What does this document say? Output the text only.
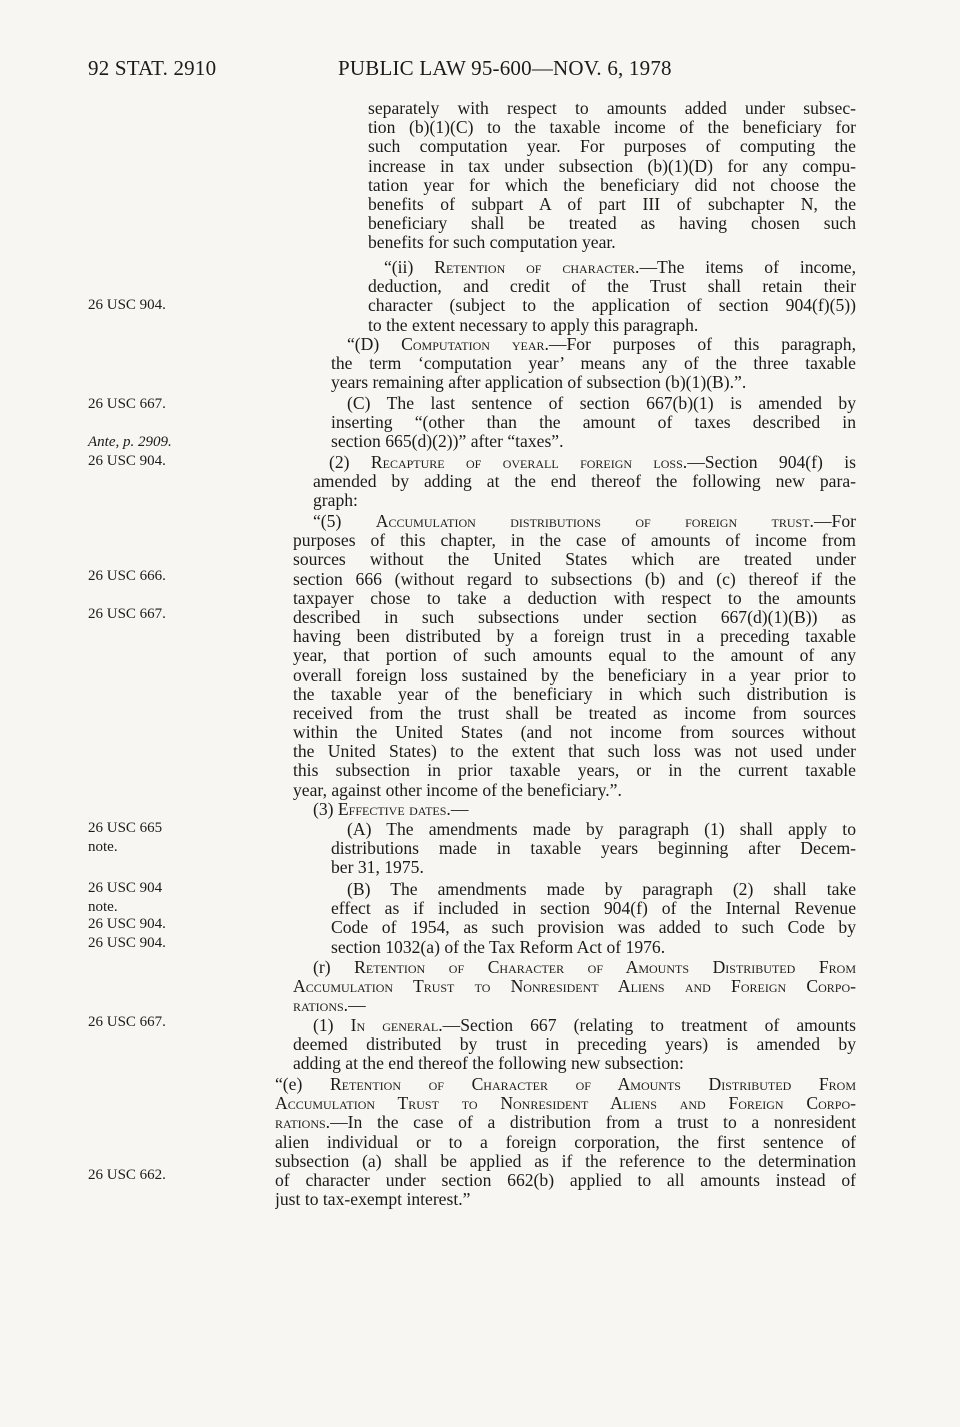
92 STAT. 2910	PUBLIC LAW 95-600—NOV. 6, 1978
26 USC 904.
26 USC 667.
Ante, p. 2909.
26 USC 904.
26 USC 666.
26 USC 667.
26 USC 665
note.
26 USC 904
note.
26 USC 904.
26 USC 904.
26 USC 667.
26 USC 662.
separately with respect to amounts added under subsec-
tion (b)(1)(C) to the taxable income of the beneficiary for
such computation year. For purposes of computing the
increase in tax under subsection (b)(1)(D) for any compu-
tation year for which the beneficiary did not choose the
benefits of subpart A of part III of subchapter N, the
beneficiary shall be treated as having chosen such
benefits for such computation year.
“(ii) Retention of character.—The items of income,
deduction, and credit of the Trust shall retain their
character (subject to the application of section 904(f)(5))
to the extent necessary to apply this paragraph.
“(D) Computation year.—For purposes of this paragraph,
the term ‘computation year’ means any of the three taxable
years remaining after application of subsection (b)(1)(B).”.
(C) The last sentence of section 667(b)(1) is amended by
inserting “(other than the amount of taxes described in
section 665(d)(2))” after “taxes”.
(2) Recapture of overall foreign loss.—Section 904(f) is
amended by adding at the end thereof the following new para-
graph:
“(5) Accumulation distributions of foreign trust.—For
purposes of this chapter, in the case of amounts of income from
sources without the United States which are treated under
section 666 (without regard to subsections (b) and (c) thereof if the
taxpayer chose to take a deduction with respect to the amounts
described in such subsections under section 667(d)(1)(B)) as
having been distributed by a foreign trust in a preceding taxable
year, that portion of such amounts equal to the amount of any
overall foreign loss sustained by the beneficiary in a year prior to
the taxable year of the beneficiary in which such distribution is
received from the trust shall be treated as income from sources
within the United States (and not income from sources without
the United States) to the extent that such loss was not used under
this subsection in prior taxable years, or in the current taxable
year, against other income of the beneficiary.”.
(3) Effective dates.—
(A) The amendments made by paragraph (1) shall apply to
distributions made in taxable years beginning after Decem-
ber 31, 1975.
(B) The amendments made by paragraph (2) shall take
effect as if included in section 904(f) of the Internal Revenue
Code of 1954, as such provision was added to such Code by
section 1032(a) of the Tax Reform Act of 1976.
(r) Retention of Character of Amounts Distributed From
Accumulation Trust to Nonresident Aliens and Foreign Corpo-
rations.—
(1) In general.—Section 667 (relating to treatment of amounts
deemed distributed by trust in preceding years) is amended by
adding at the end thereof the following new subsection:
“(e) Retention of Character of Amounts Distributed From
Accumulation Trust to Nonresident Aliens and Foreign Corpo-
rations.—In the case of a distribution from a trust to a nonresident
alien individual or to a foreign corporation, the first sentence of
subsection (a) shall be applied as if the reference to the determination
of character under section 662(b) applied to all amounts instead of
just to tax-exempt interest.”
